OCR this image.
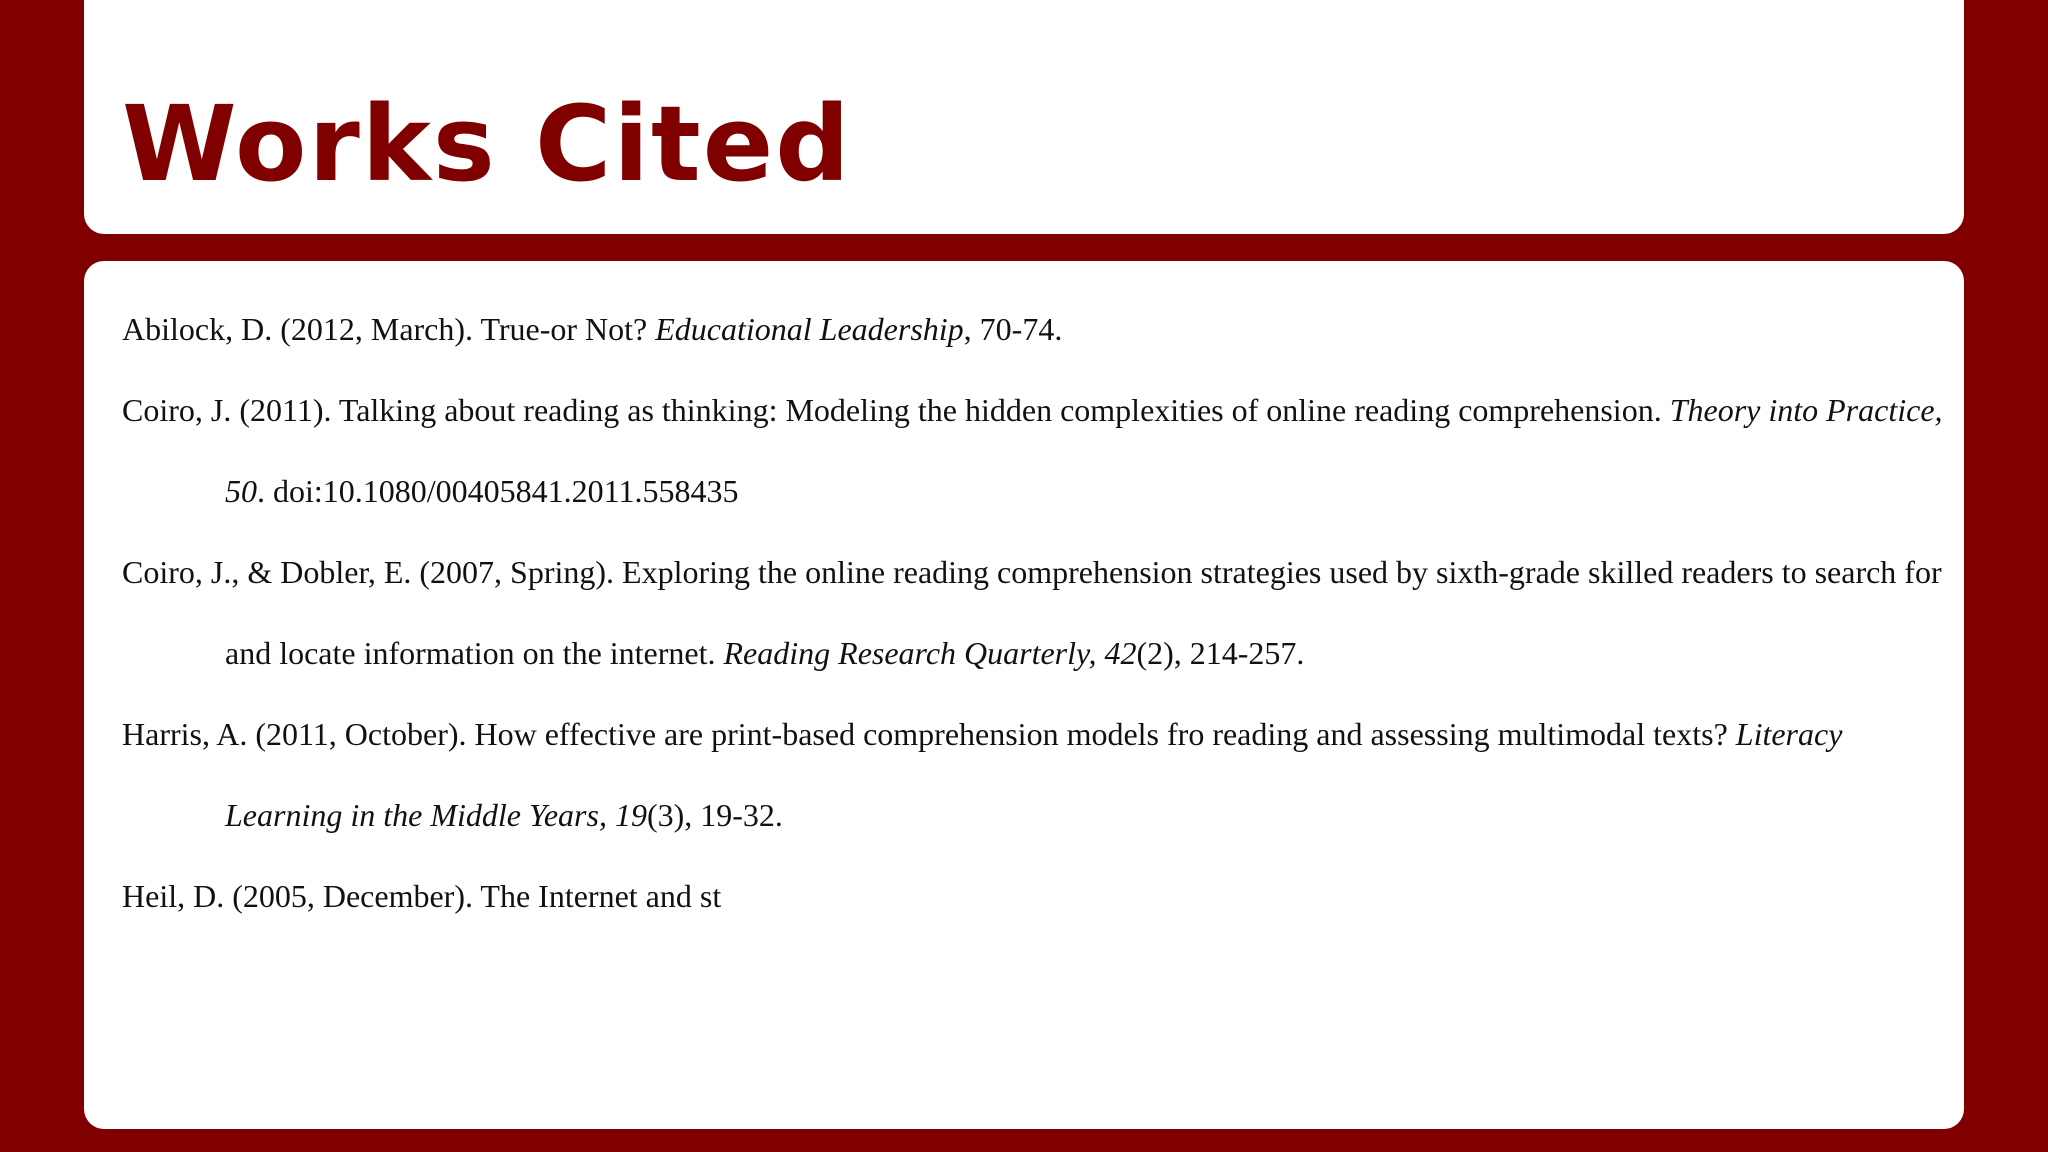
Works Cited

Abilock, D. (2012, March). True-or Not? Educational Leadership, 70-74.

Coiro, J. (2011). Talking about reading as thinking: Modeling the hidden complexities of online reading comprehension. Theory into Practice, 50. doi:10.1080/00405841.2011.558435

Coiro, J., & Dobler, E. (2007, Spring). Exploring the online reading comprehension strategies used by sixth-grade skilled readers to search for and locate information on the internet. Reading Research Quarterly, 42(2), 214-257.

Harris, A. (2011, October). How effective are print-based comprehension models fro reading and assessing multimodal texts? Literacy Learning in the Middle Years, 19(3), 19-32.

Heil, D. (2005, December). The Internet and st
